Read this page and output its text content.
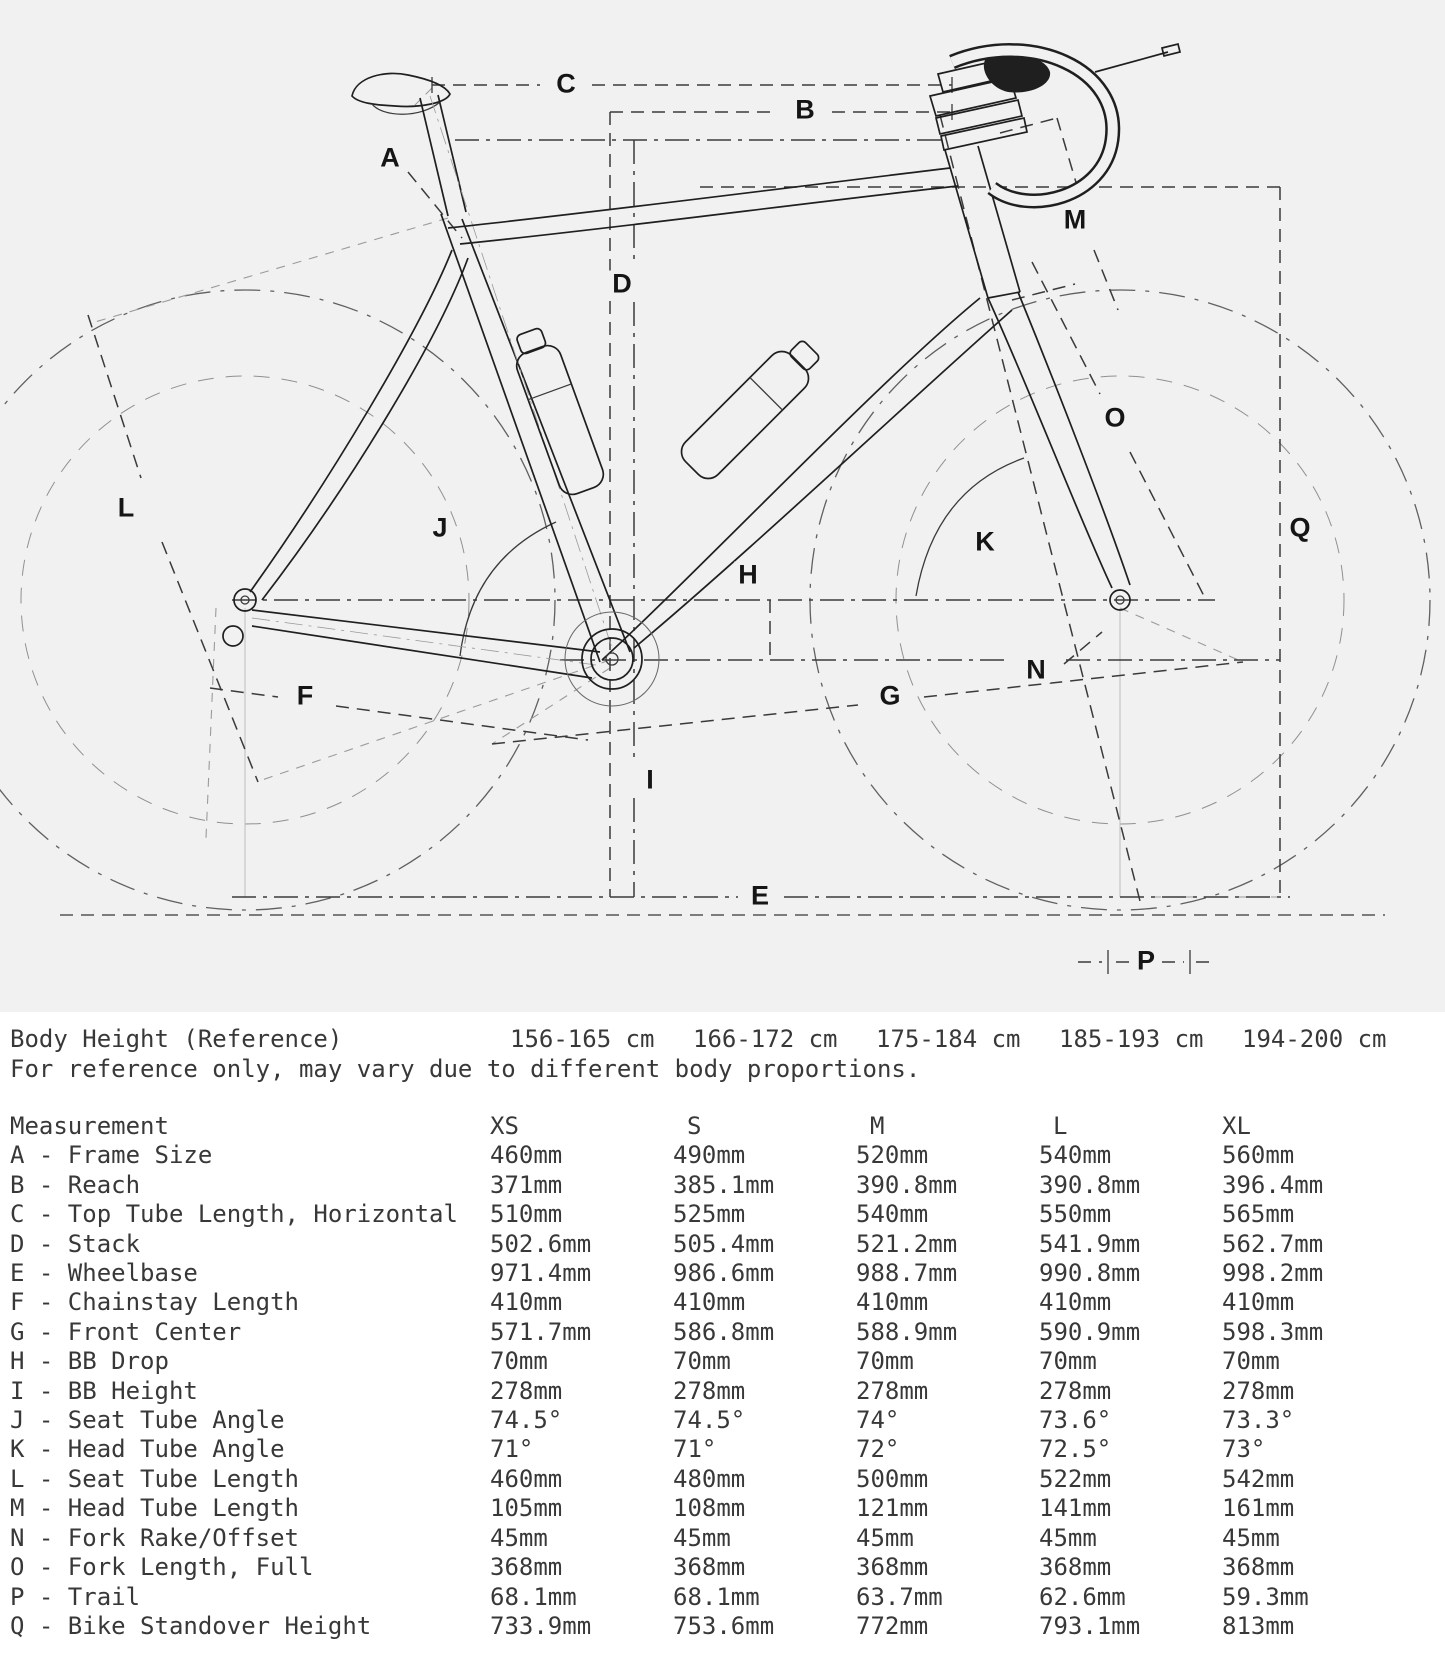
A
B
C
D
E
F	G
H
I
J	K
L
M
N
O
P
Q
Body Height (Reference)	156-165 cm	166-172 cm	175-184 cm	185-193 cm	194-200 cm
For reference only, may vary due to different body proportions.
Measurement	XS	S	M	L	XL
A - Frame Size	460mm	490mm	520mm	540mm	560mm
B - Reach	371mm	385.1mm	390.8mm	390.8mm	396.4mm
C - Top Tube Length, Horizontal	510mm	525mm	540mm	550mm	565mm
D - Stack	502.6mm	505.4mm	521.2mm	541.9mm	562.7mm
E - Wheelbase	971.4mm	986.6mm	988.7mm	990.8mm	998.2mm
F - Chainstay Length	410mm	410mm	410mm	410mm	410mm
G - Front Center	571.7mm	586.8mm	588.9mm	590.9mm	598.3mm
H - BB Drop	70mm	70mm	70mm	70mm	70mm
I - BB Height	278mm	278mm	278mm	278mm	278mm
J - Seat Tube Angle	74.5°	74.5°	74°	73.6°	73.3°
K - Head Tube Angle	71°	71°	72°	72.5°	73°
L - Seat Tube Length	460mm	480mm	500mm	522mm	542mm
M - Head Tube Length	105mm	108mm	121mm	141mm	161mm
N - Fork Rake/Offset	45mm	45mm	45mm	45mm	45mm
O - Fork Length, Full	368mm	368mm	368mm	368mm	368mm
P - Trail	68.1mm	68.1mm	63.7mm	62.6mm	59.3mm
Q - Bike Standover Height	733.9mm	753.6mm	772mm	793.1mm	813mm
